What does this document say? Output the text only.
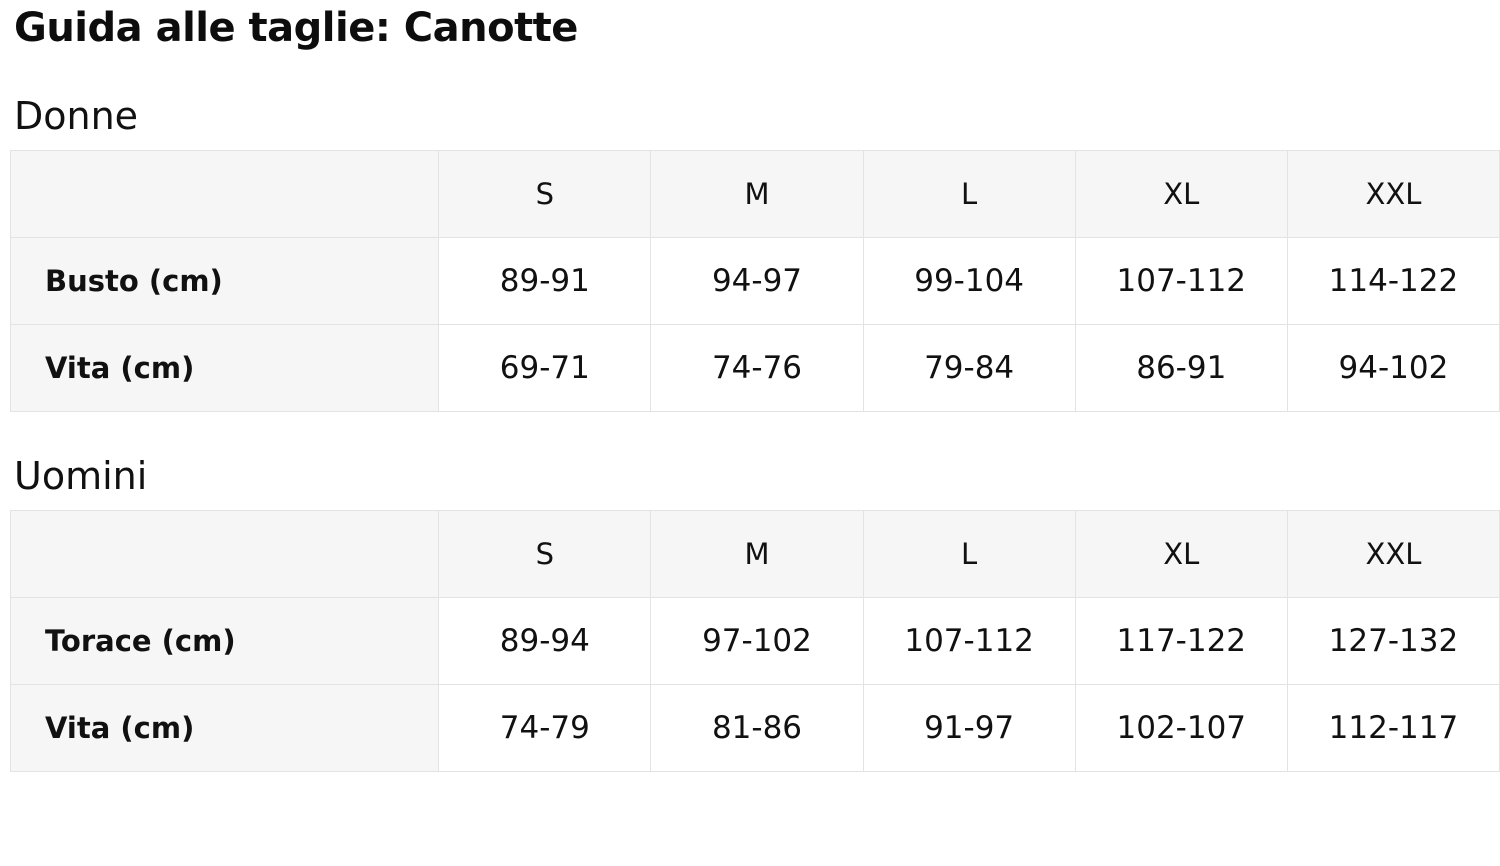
Guida alle taglie: Canotte
Donne
	S	M	L	XL	XXL
Busto (cm)	89-91	94-97	99-104	107-112	114-122
Vita (cm)	69-71	74-76	79-84	86-91	94-102
Uomini
	S	M	L	XL	XXL
Torace (cm)	89-94	97-102	107-112	117-122	127-132
Vita (cm)	74-79	81-86	91-97	102-107	112-117
